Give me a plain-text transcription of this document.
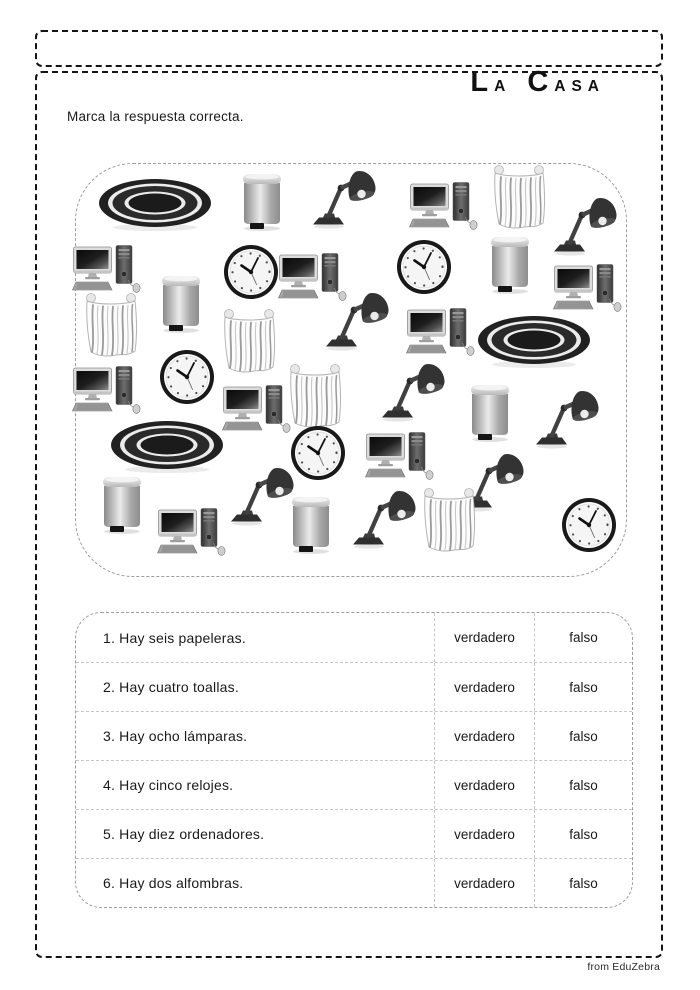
LA CASA
Marca la respuesta correcta.
1. Hay seis papeleras.	verdadero	falso
2. Hay cuatro toallas.	verdadero	falso
3. Hay ocho lámparas.	verdadero	falso
4. Hay cinco relojes.	verdadero	falso
5. Hay diez ordenadores.	verdadero	falso
6. Hay dos alfombras.	verdadero	falso
from EduZebra
